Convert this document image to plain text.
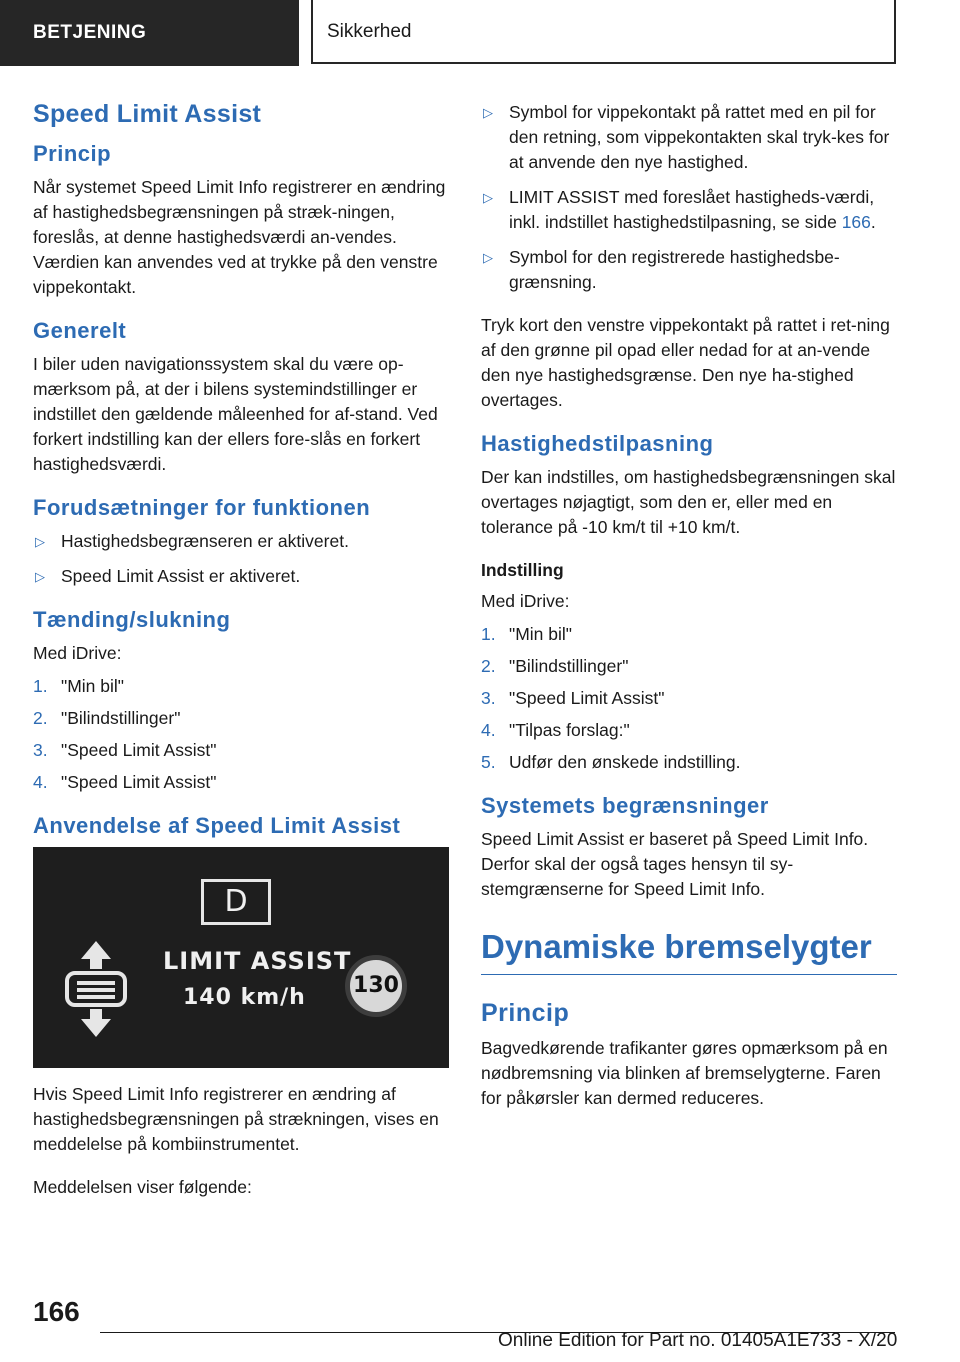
BETJENING	Sikkerhed
Speed Limit Assist
Princip

Når systemet Speed Limit Info registrerer en ændring af hastighedsbegrænsningen på stræk-ningen, foreslås, at denne hastighedsværdi an-vendes. Værdien kan anvendes ved at trykke på den venstre vippekontakt.

Generelt

I biler uden navigationssystem skal du være op-mærksom på, at der i bilens systemindstillinger er indstillet den gældende måleenhed for af-stand. Ved forkert indstilling kan der ellers fore-slås en forkert hastighedsværdi.

Forudsætninger for funktionen
▷ Hastighedsbegrænseren er aktiveret.
▷ Speed Limit Assist er aktiveret.
Tænding/slukning

Med iDrive:

1. "Min bil"
2. "Bilindstillinger"
3. "Speed Limit Assist"
4. "Speed Limit Assist"
Anvendelse af Speed Limit Assist
D
LIMIT ASSIST
140 km/h	130

Hvis Speed Limit Info registrerer en ændring af hastighedsbegrænsningen på strækningen, vises en meddelelse på kombiinstrumentet.

Meddelelsen viser følgende:

▷ Symbol for vippekontakt på rattet med en pil for den retning, som vippekontakten skal tryk-kes for at anvende den nye hastighed.
▷ LIMIT ASSIST med foreslået hastigheds-værdi, inkl. indstillet hastighedstilpasning, se side 166.
▷ Symbol for den registrerede hastighedsbe-grænsning.

Tryk kort den venstre vippekontakt på rattet i ret-ning af den grønne pil opad eller nedad for at an-vende den nye hastighedsgrænse. Den nye ha-stighed overtages.

Hastighedstilpasning

Der kan indstilles, om hastighedsbegrænsningen skal overtages nøjagtigt, som den er, eller med en tolerance på -10 km/t til +10 km/t.

Indstilling

Med iDrive:

1. "Min bil"
2. "Bilindstillinger"
3. "Speed Limit Assist"
4. "Tilpas forslag:"
5. Udfør den ønskede indstilling.
Systemets begrænsninger

Speed Limit Assist er baseret på Speed Limit Info. Derfor skal der også tages hensyn til sy-stemgrænserne for Speed Limit Info.

Dynamiske bremselygter
Princip

Bagvedkørende trafikanter gøres opmærksom på en nødbremsning via blinken af bremselygterne. Faren for påkørsler kan dermed reduceres.

166
Online Edition for Part no. 01405A1E733 - X/20
